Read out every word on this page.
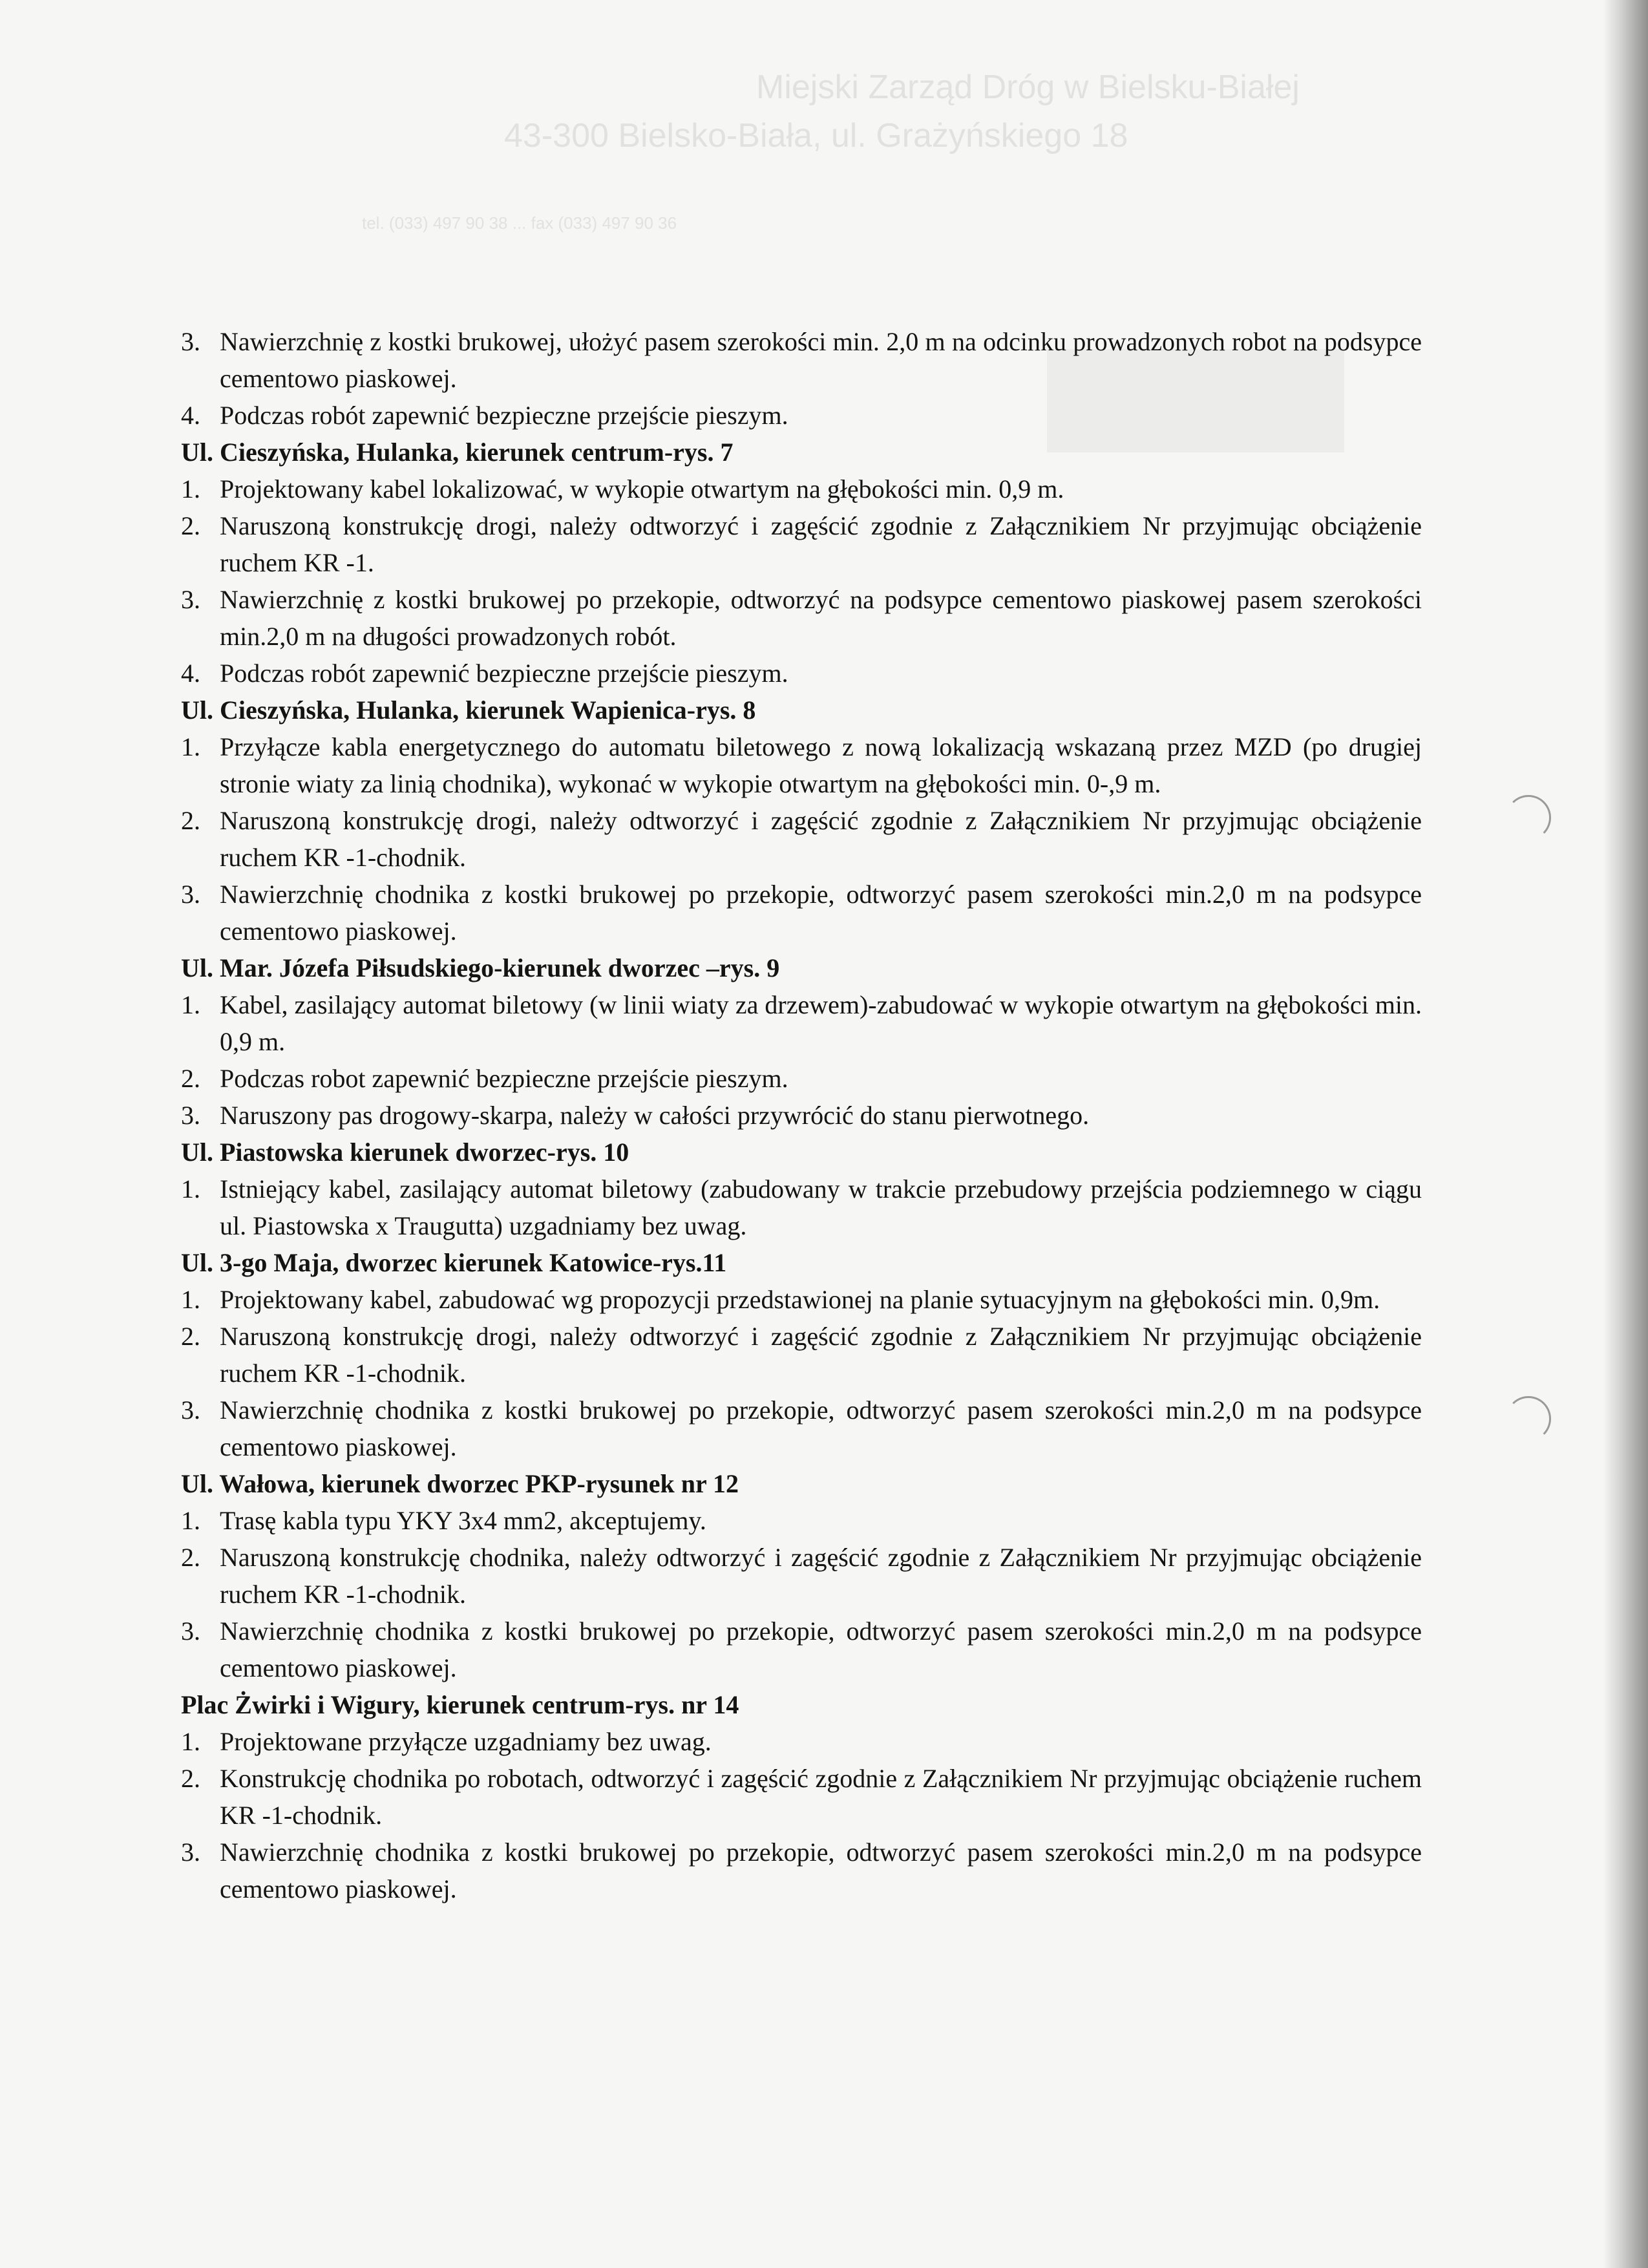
Miejski Zarząd Dróg w Bielsku-Białej
43-300 Bielsko-Biała, ul. Grażyńskiego 18
tel. (033) 497 90 38 ... fax (033) 497 90 36
3. Nawierzchnię z kostki brukowej, ułożyć pasem szerokości min. 2,0 m na odcinku prowadzonych robot na podsypce cementowo piaskowej.
4. Podczas robót zapewnić bezpieczne przejście pieszym.
Ul. Cieszyńska, Hulanka, kierunek centrum-rys. 7
1. Projektowany kabel lokalizować, w wykopie otwartym na głębokości min. 0,9 m.
2. Naruszoną konstrukcję drogi, należy odtworzyć i zagęścić zgodnie z Załącznikiem Nr przyjmując obciążenie ruchem KR -1.
3. Nawierzchnię z kostki brukowej po przekopie, odtworzyć na podsypce cementowo piaskowej pasem szerokości min.2,0 m na długości prowadzonych robót.
4. Podczas robót zapewnić bezpieczne przejście pieszym.
Ul. Cieszyńska, Hulanka, kierunek Wapienica-rys. 8
1. Przyłącze kabla energetycznego do automatu biletowego z nową lokalizacją wskazaną przez MZD (po drugiej stronie wiaty za linią chodnika), wykonać w wykopie otwartym na głębokości min. 0-,9 m.
2. Naruszoną konstrukcję drogi, należy odtworzyć i zagęścić zgodnie z Załącznikiem Nr przyjmując obciążenie ruchem KR -1-chodnik.
3. Nawierzchnię chodnika z kostki brukowej po przekopie, odtworzyć pasem szerokości min.2,0 m na podsypce cementowo piaskowej.
Ul. Mar. Józefa Piłsudskiego-kierunek dworzec –rys. 9
1. Kabel, zasilający automat biletowy (w linii wiaty za drzewem)-zabudować w wykopie otwartym na głębokości min. 0,9 m.
2. Podczas robot zapewnić bezpieczne przejście pieszym.
3. Naruszony pas drogowy-skarpa, należy w całości przywrócić do stanu pierwotnego.
Ul. Piastowska kierunek dworzec-rys. 10
1. Istniejący kabel, zasilający automat biletowy (zabudowany w trakcie przebudowy przejścia podziemnego w ciągu ul. Piastowska x Traugutta) uzgadniamy bez uwag.
Ul. 3-go Maja, dworzec kierunek Katowice-rys.11
1. Projektowany kabel, zabudować wg propozycji przedstawionej na planie sytuacyjnym na głębokości min. 0,9m.
2. Naruszoną konstrukcję drogi, należy odtworzyć i zagęścić zgodnie z Załącznikiem Nr przyjmując obciążenie ruchem KR -1-chodnik.
3. Nawierzchnię chodnika z kostki brukowej po przekopie, odtworzyć pasem szerokości min.2,0 m na podsypce cementowo piaskowej.
Ul. Wałowa, kierunek dworzec PKP-rysunek nr 12
1. Trasę kabla typu YKY 3x4 mm2, akceptujemy.
2. Naruszoną konstrukcję chodnika, należy odtworzyć i zagęścić zgodnie z Załącznikiem Nr przyjmując obciążenie ruchem KR -1-chodnik.
3. Nawierzchnię chodnika z kostki brukowej po przekopie, odtworzyć pasem szerokości min.2,0 m na podsypce cementowo piaskowej.
Plac Żwirki i Wigury, kierunek centrum-rys. nr 14
1. Projektowane przyłącze uzgadniamy bez uwag.
2. Konstrukcję chodnika po robotach, odtworzyć i zagęścić zgodnie z Załącznikiem Nr przyjmując obciążenie ruchem KR -1-chodnik.
3. Nawierzchnię chodnika z kostki brukowej po przekopie, odtworzyć pasem szerokości min.2,0 m na podsypce cementowo piaskowej.
